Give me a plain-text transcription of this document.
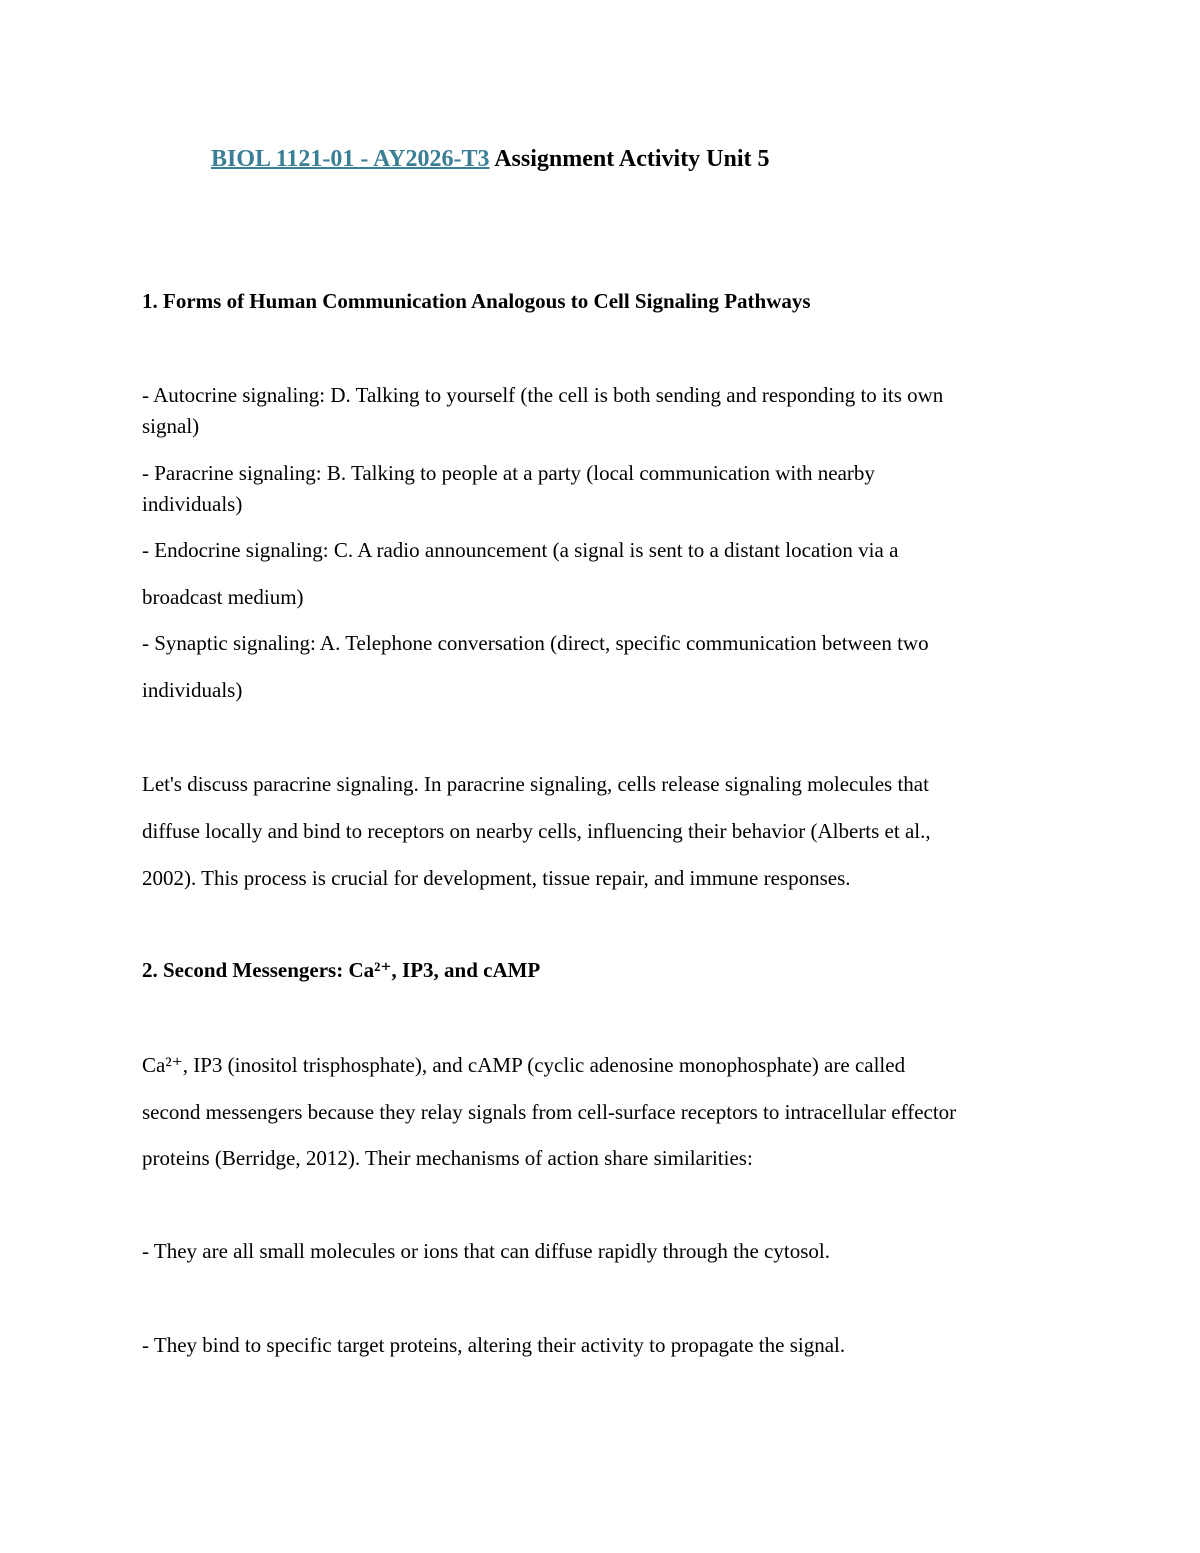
BIOL 1121-01 - AY2026-T3 Assignment Activity Unit 5
1. Forms of Human Communication Analogous to Cell Signaling Pathways
- Autocrine signaling: D. Talking to yourself (the cell is both sending and responding to its own
signal)
- Paracrine signaling: B. Talking to people at a party (local communication with nearby
individuals)
- Endocrine signaling: C. A radio announcement (a signal is sent to a distant location via a
broadcast medium)
- Synaptic signaling: A. Telephone conversation (direct, specific communication between two
individuals)
Let's discuss paracrine signaling. In paracrine signaling, cells release signaling molecules that
diffuse locally and bind to receptors on nearby cells, influencing their behavior (Alberts et al.,
2002). This process is crucial for development, tissue repair, and immune responses.
2. Second Messengers: Ca²⁺, IP3, and cAMP
Ca²⁺, IP3 (inositol trisphosphate), and cAMP (cyclic adenosine monophosphate) are called
second messengers because they relay signals from cell-surface receptors to intracellular effector
proteins (Berridge, 2012). Their mechanisms of action share similarities:
- They are all small molecules or ions that can diffuse rapidly through the cytosol.
- They bind to specific target proteins, altering their activity to propagate the signal.
